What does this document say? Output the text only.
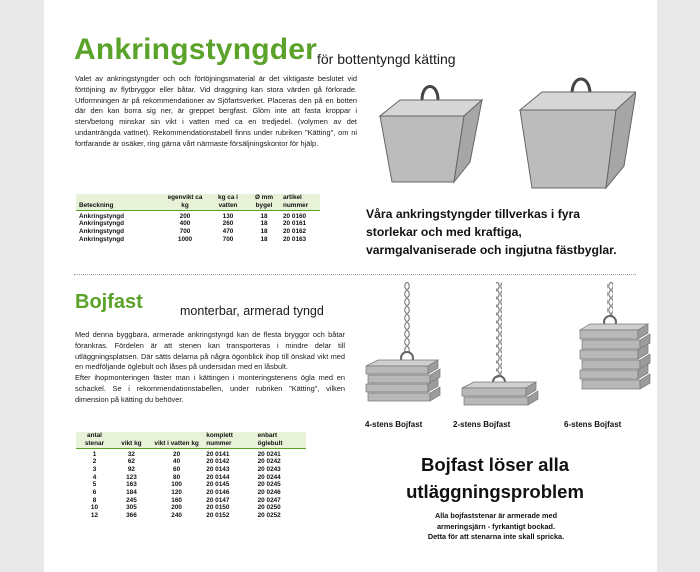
Ankringstyngder för bottentyngd kätting

Valet av ankringstyngder och och förtöjningsmaterial är det viktigaste beslutet vid förtöjning av flytbryggor eller båtar. Vid draggning kan stora värden gå förlorade. Utformningen är på rekommendationer av Sjöfartsverket. Placeras den på en botten där den kan borra sig ner, är greppet bergfast. Glöm inte att fasta kroppar i sten/betong minskar sin vikt i vatten med ca en tredjedel. (volymen av det undanträngda vattnet). Rekommendationstabell finns under rubriken "Kätting", om ni fortfarande är osäker, ring gärna vårt närmaste försäljningskontor för hjälp.

Beteckning	egenvikt ca kg	kg ca i vatten	Ø mm bygel	artikel nummer

Ankringstyngd	200	130	18	20 0160
Ankringstyngd	400	260	18	20 0161
Ankringstyngd	700	470	18	20 0162
Ankringstyngd	1000	700	18	20 0163
Våra ankringstyngder tillverkas i fyra storlekar och med kraftiga, varmgalvaniserade och ingjutna fästbyglar.
Bojfast	monterbar, armerad tyngd

Med denna byggbara, armerade ankringstyngd kan de flesta bryggor och båtar förankras. Fördelen är att stenen kan transporteras i mindre delar till utläggningsplatsen. Där sätts delarna på några ögonblick ihop till önskad vikt med en medföljande öglebult och låses på undersidan med en låsbult.

Efter ihopmonteringen fäster man i kättingen i monteringstenens ögla med en schackel. Se i rekommendationstabellen, under rubriken "Kätting", vilken dimension på kätting du behöver.

4-stens Bojfast	2-stens Bojfast	6-stens Bojfast
antal stenar	vikt kg	vikt i vatten kg	komplett nummer	enbart öglebult

1	32	20	20 0141	20 0241
2	62	40	20 0142	20 0242
3	92	60	20 0143	20 0243
4	123	80	20 0144	20 0244
5	163	100	20 0145	20 0245
6	184	120	20 0146	20 0246
8	245	160	20 0147	20 0247
10	305	200	20 0150	20 0250
12	366	240	20 0152	20 0252
Bojfast löser alla
utläggningsproblem
Alla bojfaststenar är armerade med
armeringsjärn - fyrkantigt bockad.
Detta för att stenarna inte skall spricka.
